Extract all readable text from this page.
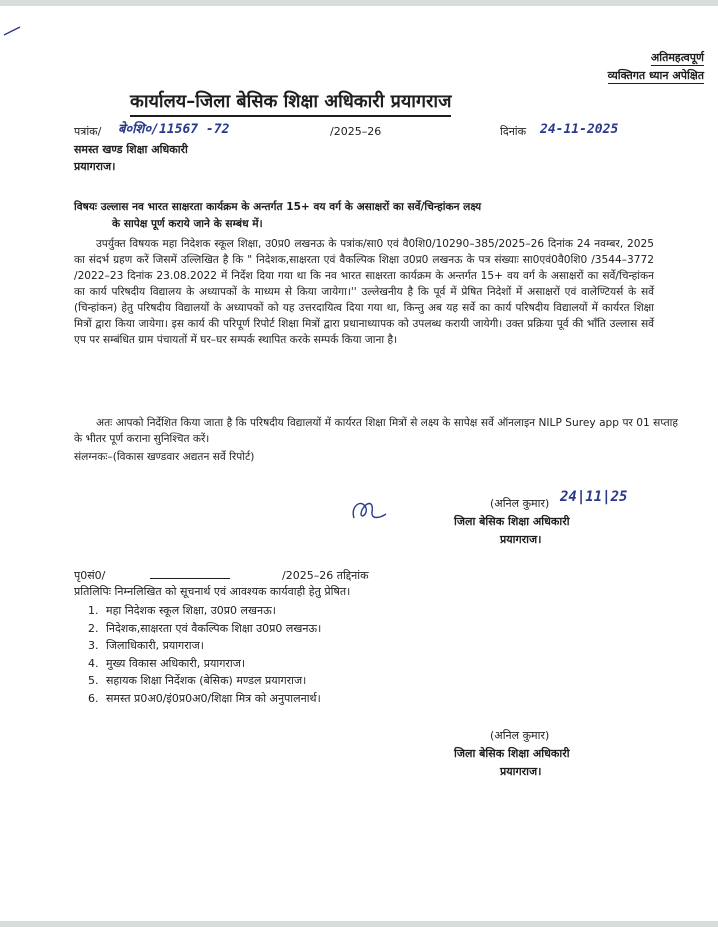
अतिमहत्वपूर्ण
व्यक्तिगत ध्यान अपेक्षित
कार्यालय–जिला बेसिक शिक्षा अधिकारी प्रयागराज
पत्रांक/ बे०शि०/11567 -72	/2025–26	दिनांक 24-11-2025
समस्त खण्ड शिक्षा अधिकारी
प्रयागराज।
विषयः उल्लास नव भारत साक्षरता कार्यक्रम के अन्तर्गत 15+ वय वर्ग के असाक्षरों का सर्वे/चिन्हांकन लक्ष्य
के सापेक्ष पूर्ण कराये जाने के सम्बंध में।
उपर्युक्त विषयक महा निदेशक स्कूल शिक्षा, उ0प्र0 लखनऊ के पत्रांक/सा0 एवं वै0शि0/10290–385/2025–26 दिनांक 24 नवम्बर, 2025 का संदर्भ ग्रहण करें जिसमें उल्लिखित है कि " निदेशक,साक्षरता एवं वैकल्पिक शिक्षा उ0प्र0 लखनऊ के पत्र संख्याः सा0एवं0वै0शि0 /3544–3772 /2022–23 दिनांक 23.08.2022 में निर्देश दिया गया था कि नव भारत साक्षरता कार्यक्रम के अन्तर्गत 15+ वय वर्ग के असाक्षरों का सर्वे/चिन्हांकन का कार्य परिषदीय विद्यालय के अध्यापकों के माध्यम से किया जायेगा।'' उल्लेखनीय है कि पूर्व में प्रेषित निदेशों में असाक्षरों एवं वालेण्टियर्स के सर्वे (चिन्हांकन) हेतु परिषदीय विद्यालयों के अध्यापकों को यह उत्तरदायित्व दिया गया था, किन्तु अब यह सर्वे का कार्य परिषदीय विद्यालयों में कार्यरत शिक्षा मित्रों द्वारा किया जायेगा। इस कार्य की परिपूर्ण रिपोर्ट शिक्षा मित्रों द्वारा प्रधानाध्यापक को उपलब्ध करायी जायेगी। उक्त प्रक्रिया पूर्व की भाँति उल्लास सर्वे एप पर सम्बंधित ग्राम पंचायतों में घर–घर सम्पर्क स्थापित करके सम्पर्क किया जाना है।
अतः आपको निर्देशित किया जाता है कि परिषदीय विद्यालयों में कार्यरत शिक्षा मित्रों से लक्ष्य के सापेक्ष सर्वे ऑनलाइन NILP Surey app पर 01 सप्ताह के भीतर पूर्ण कराना सुनिश्चित करें।
संलग्नकः–(विकास खण्डवार अद्यतन सर्वे रिपोर्ट)
24|11|25
(अनिल कुमार)
जिला बेसिक शिक्षा अधिकारी
प्रयागराज।
पृ0सं0/	/2025–26 तद्दिनांक
प्रतिलिपिः निम्नलिखित को सूचनार्थ एवं आवश्यक कार्यवाही हेतु प्रेषित।
1. महा निदेशक स्कूल शिक्षा, उ0प्र0 लखनऊ।
2. निदेशक,साक्षरता एवं वैकल्पिक शिक्षा उ0प्र0 लखनऊ।
3. जिलाधिकारी, प्रयागराज।
4. मुख्य विकास अधिकारी, प्रयागराज।
5. सहायक शिक्षा निर्देशक (बेसिक) मण्डल प्रयागराज।
6. समस्त प्र0अ0/इं0प्र0अ0/शिक्षा मित्र को अनुपालनार्थ।
(अनिल कुमार)
जिला बेसिक शिक्षा अधिकारी
प्रयागराज।
